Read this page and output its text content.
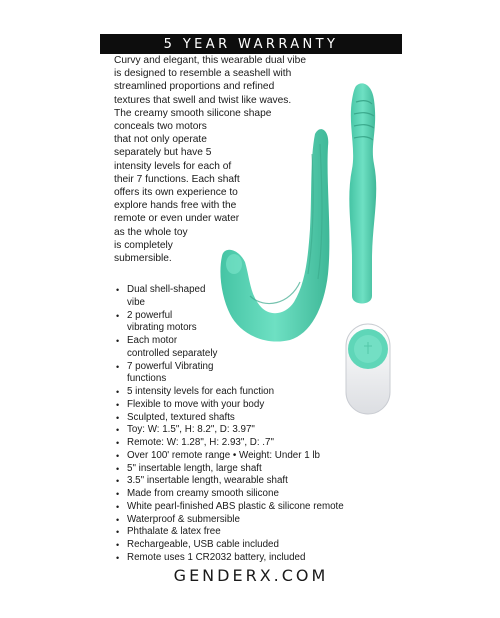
5 YEAR WARRANTY

Curvy and elegant, this wearable dual vibe
is designed to resemble a seashell with
streamlined proportions and refined
textures that swell and twist like waves.
The creamy smooth silicone shape
conceals two motors
that not only operate
separately but have 5
intensity levels for each of
their 7 functions. Each shaft
offers its own experience to
explore hands free with the
remote or even under water
as the whole toy
is completely
submersible.

• Dual shell-shaped
vibe
• 2 powerful
vibrating motors
• Each motor
controlled separately
• 7 powerful Vibrating
functions
• 5 intensity levels for each function
• Flexible to move with your body
• Sculpted, textured shafts
• Toy: W: 1.5", H: 8.2", D: 3.97"
• Remote: W: 1.28", H: 2.93", D: .7"
• Over 100' remote range • Weight: Under 1 lb
• 5" insertable length, large shaft
• 3.5" insertable length, wearable shaft
• Made from creamy smooth silicone
• White pearl-finished ABS plastic & silicone remote
• Waterproof & submersible
• Phthalate & latex free
• Rechargeable, USB cable included
• Remote uses 1 CR2032 battery, included
GENDERX.COM
